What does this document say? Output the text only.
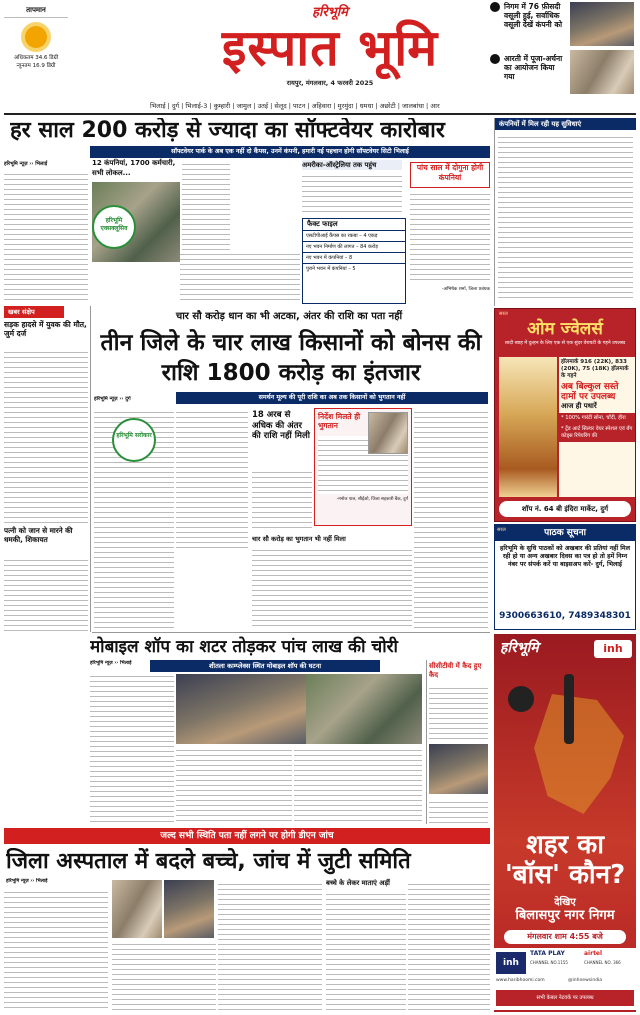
तापमान
अधिकतम 34.6 डिग्री
न्यूनतम 16.9 डिग्री
हरिभूमि
इस्पात भूमि
रायपुर, मंगलवार, 4 फरवरी 2025
निगम में 76 फ़ीसदी वसूली हुई, सर्वाधिक वसूली देखें कंपनी को
आरती में पूजा-अर्चना का आयोजन किया गया
भिलाई | दुर्ग | भिलाई-3 | कुम्हारी | जामुल | उतई | सेलूद | पाटन | अहिवारा | मुरमुंदा | धमधा | अछोटी | जालबांधा | आर
हर साल 200 करोड़ से ज्यादा का सॉफ्टवेयर कारोबार
सॉफ्टवेयर पार्क के अब एक नहीं दो कैंपस, उनमें कंपनी, हमारी नई पहचान होगी सॉफ्टवेयर सिटी भिलाई
हरिभूमि न्यूज़ ›› भिलाई	12 कंपनियां, 1700 कर्मचारी, सभी लोकल...
हरिभूमि एक्सक्लूसिव
अमरीका-ऑस्ट्रेलिया तक पहुंच	पांच साल में दोगुना होगी कंपनियां
-अभिषेक शर्मा, जिला प्रबंधक
फैक्ट फाइल
एसटीपीआई कैंपस का रकबा – 4 एकड़
नए भवन निर्माण की लागत – 84 करोड़
नए भवन में कंपनियां – 8
पुराने भवन में कंपनियां – 5
कंपनियों में मिल रही यह सुविधाएं
खबर संक्षेप
सड़क हादसे में युवक की मौत, जुर्म दर्ज
पत्नी को जान से मारने की धमकी, शिकायत
चार सौ करोड़ धान का भी अटका, अंतर की राशि का पता नहीं
तीन जिले के चार लाख किसानों को बोनस की राशि 1800 करोड़ का इंतजार
समर्थन मूल्य की पूरी राशि का अब तक किसानों को भुगतान नहीं
हरिभूमि न्यूज़ ›› दुर्ग
हरिभूमि सरोकार
18 अरब से अधिक की अंतर की राशि नहीं मिली
निर्देश मिलते ही भुगतान
-मनोज पाल, सीईओ, जिला सहकारी बैंक, दुर्ग
चार सौ करोड़ का भुगतान भी नहीं मिला
सरल
ओम ज्वेलर्स
शादी ब्याह में दुल्हन के लिए एक से एक सुंदर वेरायटी के गहने उपलब्ध
हॉलमार्क 916 (22K), 833 (20K), 75 (18K) हॉलमार्क के गहने
अब बिल्कुल सस्ते दामों पर उपलब्ध
आज ही पधारें
* 100% गारंटी सोना, चाँदी, हीरा
* ट्रेंड आर्ट सिल्वर वेयर स्पेशल एवं बँग कोड्स रिपेयरिंग की
शॉप नं. 64 बी इंदिरा मार्केट, दुर्ग
पाठक सूचना
सरल
हरिभूमि के सुधि पाठकों को अखबार की प्रतियां नहीं मिल रही हो या अन्य अखबार दिवस का पत्र हो तो हमें निम्न नंबर पर संपर्क करें या बाइसअप करें- दुर्ग, भिलाई
9300663610, 7489348301
मोबाइल शॉप का शटर तोड़कर पांच लाख की चोरी
शीतला काम्प्लेक्स स्थित मोबाइल शॉप की घटना
हरिभूमि न्यूज़ ›› भिलाई	सीसीटीवी में कैद हुए कैद
हरिभूमि	inh
शहर का
'बॉस' कौन?
देखिए
बिलासपुर नगर निगम
मंगलवार शाम 4:55 बजे
inh
TATA PLAY
CHANNEL NO.1155
airtel
CHANNEL NO. 366
www.haribhoomi.com	@inhnewsindia
सभी केबल नेटवर्क पर उपलब्ध
जल्द सभी स्थिति पता नहीं लगने पर होगी डीएन जांच
जिला अस्पताल में बदले बच्चे, जांच में जुटी समिति
हरिभूमि न्यूज़ ›› भिलाई	बच्चे के लेकर माताएं अड़ीं
